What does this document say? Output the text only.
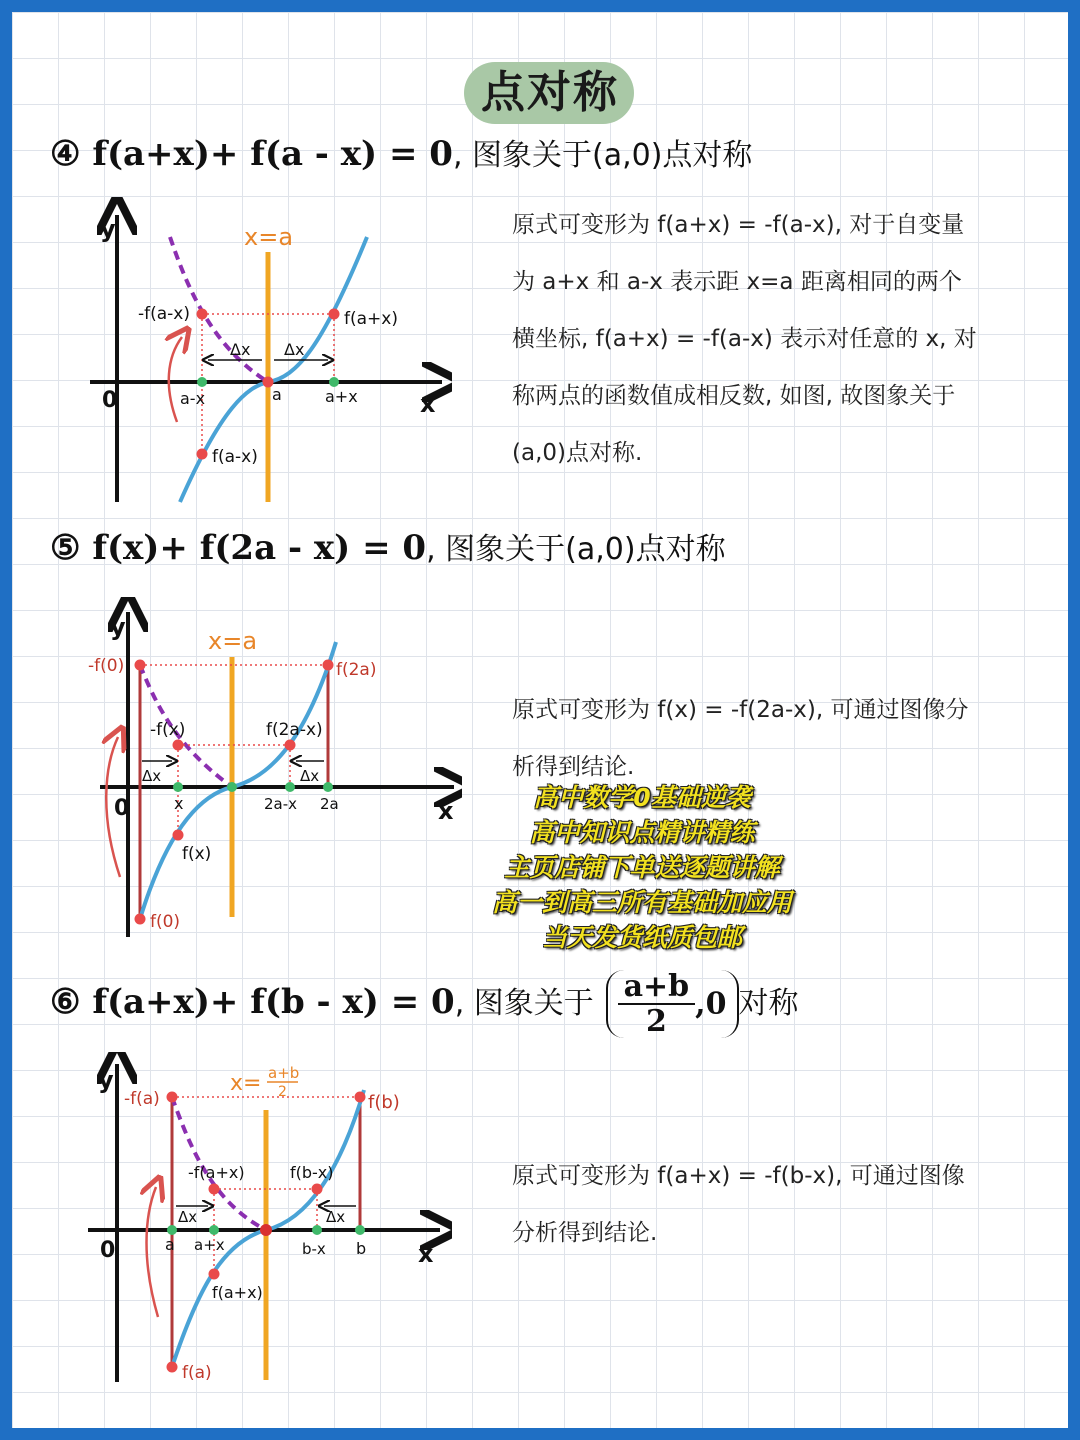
点对称
④ f(a+x)+ f(a - x) = 0, 图象关于(a,0)点对称
y
x
0
x=a
-f(a-x)	f(a+x)
f(a-x)
Δx Δx
a-x	a	a+x
原式可变形为 f(a+x) = -f(a-x), 对于自变量为 a+x 和 a-x 表示距 x=a 距离相同的两个横坐标, f(a+x) = -f(a-x) 表示对任意的 x, 对称两点的函数值成相反数, 如图, 故图象关于(a,0)点对称.
⑤ f(x)+ f(2a - x) = 0, 图象关于(a,0)点对称
y
x
0
x=a
-f(0)	f(2a)
-f(x)	f(2a-x)
f(x)
f(0)
Δx	Δx
x	2a-x 2a
原式可变形为 f(x) = -f(2a-x), 可通过图像分析得到结论.
高中数学0基础逆袭
高中知识点精讲精练
主页店铺下单送逐题讲解
高一到高三所有基础加应用
当天发货纸质包邮
⑥ f(a+x)+ f(b - x) = 0, 图象关于 $\frac{a+b}{2} ,0$ 对称
y
x
0
x= a+b
2
-f(a)	f(b)
-f(a+x)	f(b-x)
f(a+x)
f(a)
Δx	Δx
a a+x	b-x b
原式可变形为 f(a+x) = -f(b-x), 可通过图像分析得到结论.
